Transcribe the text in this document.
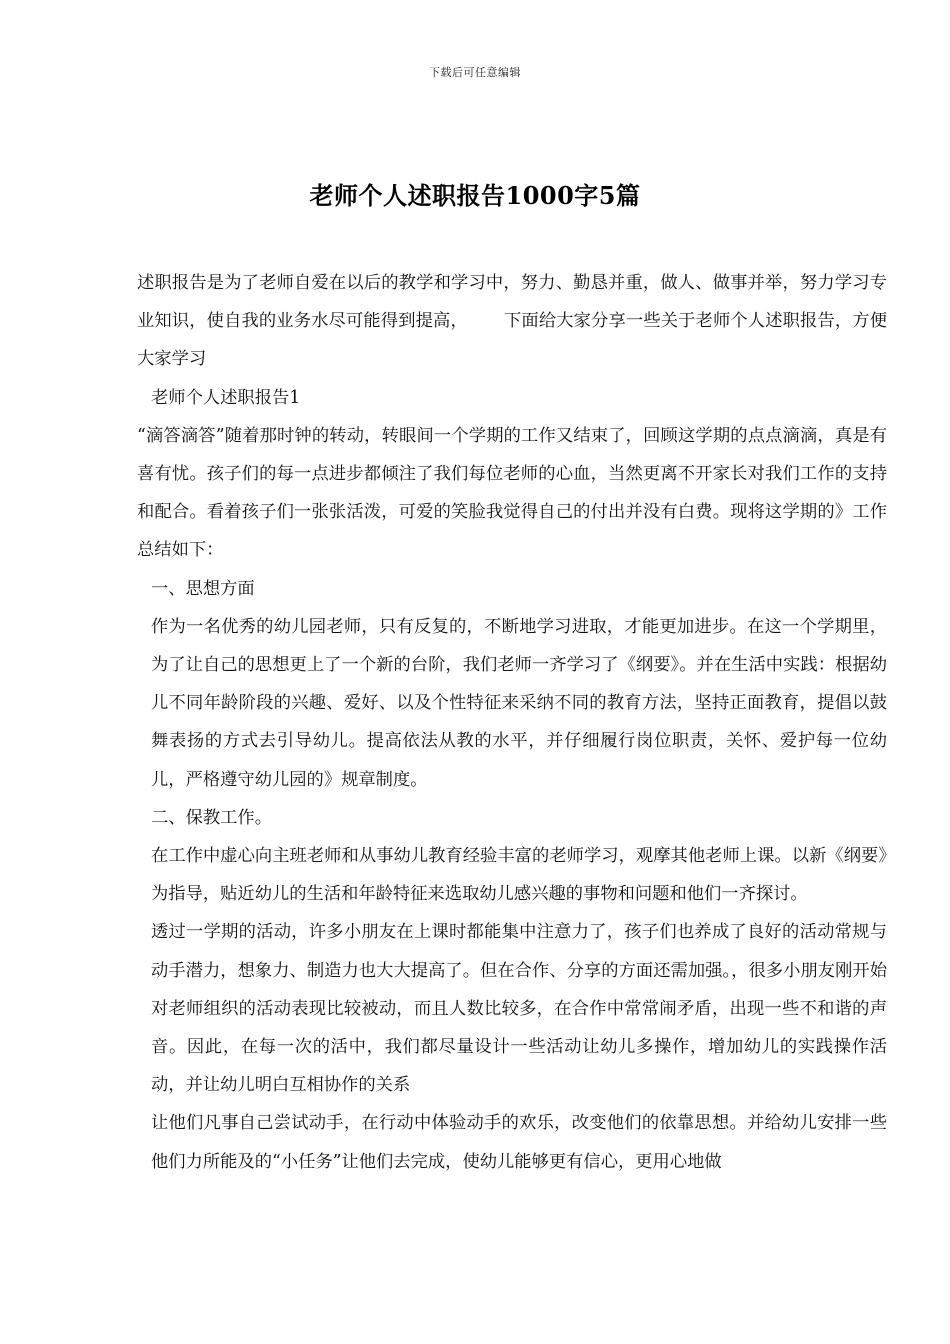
下载后可任意编辑
老师个人述职报告1000字5篇

述职报告是为了老师自爱在以后的教学和学习中，努力、勤恳并重，做人、做事并举，努力学习专业知识，使自我的业务水尽可能得到提高， 下面给大家分享一些关于老师个人述职报告，方便大家学习

老师个人述职报告1

“滴答滴答”随着那时钟的转动，转眼间一个学期的工作又结束了，回顾这学期的点点滴滴，真是有喜有忧。孩子们的每一点进步都倾注了我们每位老师的心血，当然更离不开家长对我们工作的支持和配合。看着孩子们一张张活泼，可爱的笑脸我觉得自己的付出并没有白费。现将这学期的》工作总结如下：

一、思想方面

作为一名优秀的幼儿园老师，只有反复的，不断地学习进取，才能更加进步。在这一个学期里，为了让自己的思想更上了一个新的台阶，我们老师一齐学习了《纲要》。并在生活中实践：根据幼儿不同年龄阶段的兴趣、爱好、以及个性特征来采纳不同的教育方法，坚持正面教育，提倡以鼓舞表扬的方式去引导幼儿。提高依法从教的水平，并仔细履行岗位职责，关怀、爱护每一位幼儿，严格遵守幼儿园的》规章制度。

二、保教工作。

在工作中虚心向主班老师和从事幼儿教育经验丰富的老师学习，观摩其他老师上课。以新《纲要》为指导，贴近幼儿的生活和年龄特征来选取幼儿感兴趣的事物和问题和他们一齐探讨。

透过一学期的活动，许多小朋友在上课时都能集中注意力了，孩子们也养成了良好的活动常规与动手潜力，想象力、制造力也大大提高了。但在合作、分享的方面还需加强。，很多小朋友刚开始对老师组织的活动表现比较被动，而且人数比较多，在合作中常常闹矛盾，出现一些不和谐的声音。因此，在每一次的活中，我们都尽量设计一些活动让幼儿多操作，增加幼儿的实践操作活动，并让幼儿明白互相协作的关系

让他们凡事自己尝试动手，在行动中体验动手的欢乐，改变他们的依靠思想。并给幼儿安排一些他们力所能及的“小任务”让他们去完成，使幼儿能够更有信心，更用心地做
